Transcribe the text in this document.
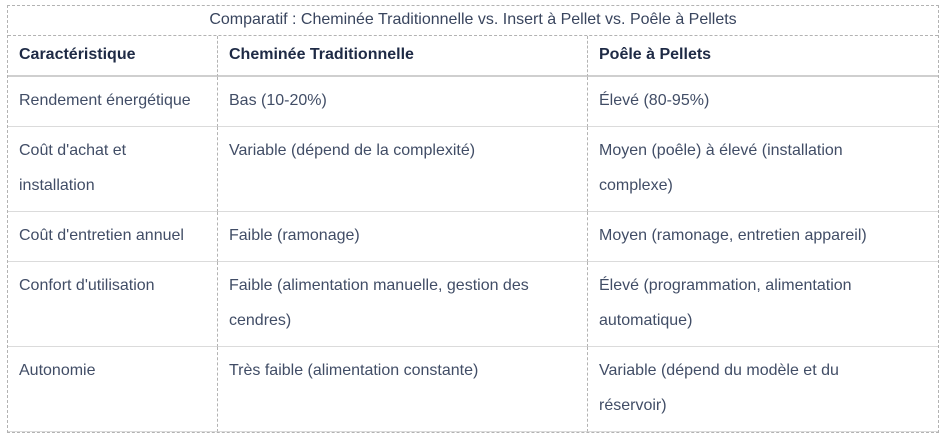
Comparatif : Cheminée Traditionnelle vs. Insert à Pellet vs. Poêle à Pellets		
Caractéristique	Cheminée Traditionnelle	Poêle à Pellets
Rendement énergétique	Bas (10-20%)	Élevé (80-95%)
Coût d'achat et installation	Variable (dépend de la complexité)	Moyen (poêle) à élevé (installation complexe)
Coût d'entretien annuel	Faible (ramonage)	Moyen (ramonage, entretien appareil)
Confort d'utilisation	Faible (alimentation manuelle, gestion des cendres)	Élevé (programmation, alimentation automatique)
Autonomie	Très faible (alimentation constante)	Variable (dépend du modèle et du réservoir)
